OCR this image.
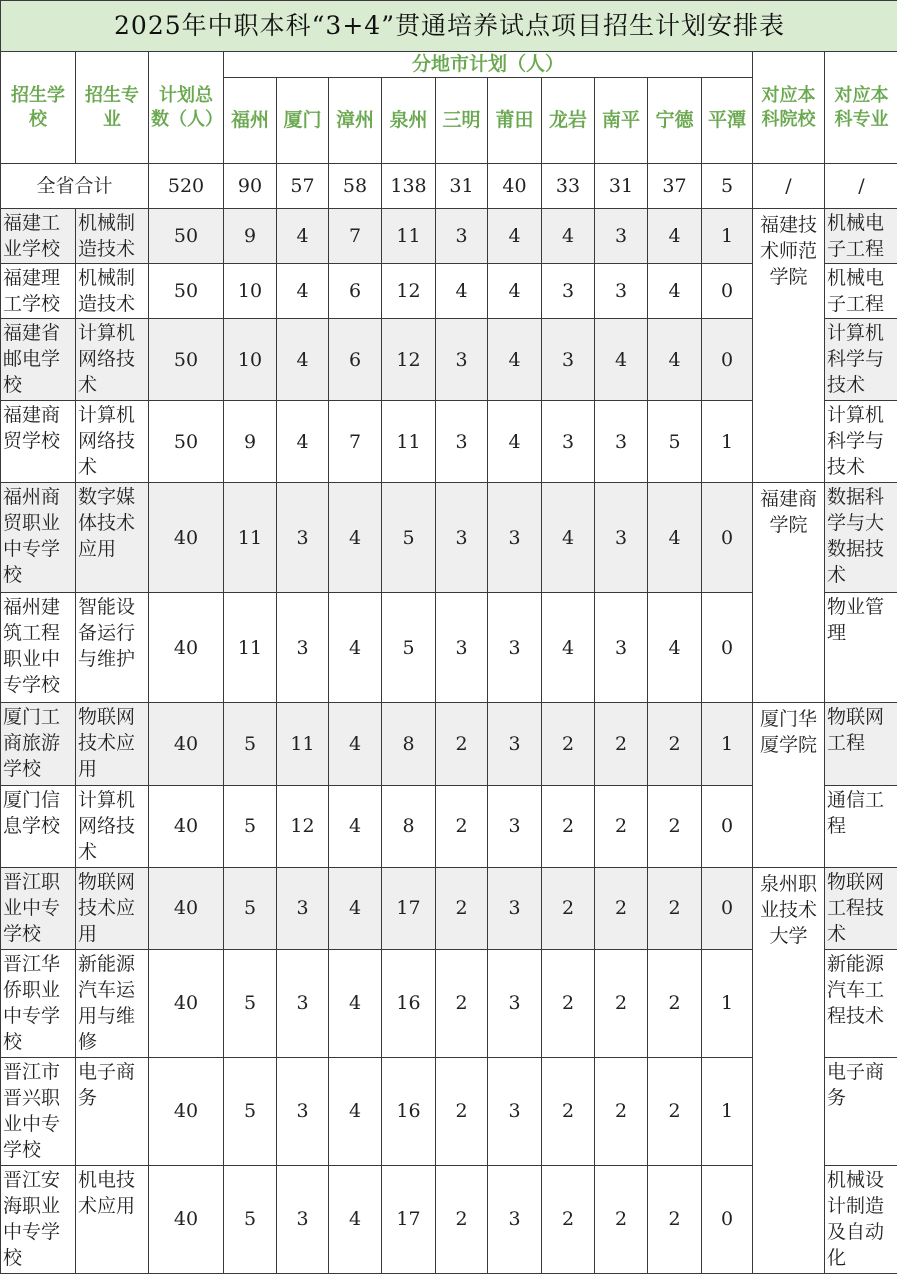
2025年中职本科“3+4”贯通培养试点项目招生计划安排表														
招生学校	招生专业	计划总数（人）	分地市计划（人）										对应本科院校	对应本科专业
			福州	厦门	漳州	泉州	三明	莆田	龙岩	南平	宁德	平潭		
全省合计		520	90	57	58	138	31	40	33	31	37	5	/	/
福建工业学校	机械制造技术	50	9	4	7	11	3	4	4	3	4	1	福建技术师范学院	机械电子工程
福建理工学校	机械制造技术	50	10	4	6	12	4	4	3	3	4	0		机械电子工程
福建省邮电学校	计算机网络技术	50	10	4	6	12	3	4	3	4	4	0		计算机科学与技术
福建商贸学校	计算机网络技术	50	9	4	7	11	3	4	3	3	5	1		计算机科学与技术
福州商贸职业中专学校	数字媒体技术应用	40	11	3	4	5	3	3	4	3	4	0	福建商学院	数据科学与大数据技术
福州建筑工程职业中专学校	智能设备运行与维护	40	11	3	4	5	3	3	4	3	4	0		物业管理
厦门工商旅游学校	物联网技术应用	40	5	11	4	8	2	3	2	2	2	1	厦门华厦学院	物联网工程
厦门信息学校	计算机网络技术	40	5	12	4	8	2	3	2	2	2	0		通信工程
晋江职业中专学校	物联网技术应用	40	5	3	4	17	2	3	2	2	2	0	泉州职业技术大学	物联网工程技术
晋江华侨职业中专学校	新能源汽车运用与维修	40	5	3	4	16	2	3	2	2	2	1		新能源汽车工程技术
晋江市晋兴职业中专学校	电子商务	40	5	3	4	16	2	3	2	2	2	1		电子商务
晋江安海职业中专学校	机电技术应用	40	5	3	4	17	2	3	2	2	2	0		机械设计制造及自动化
